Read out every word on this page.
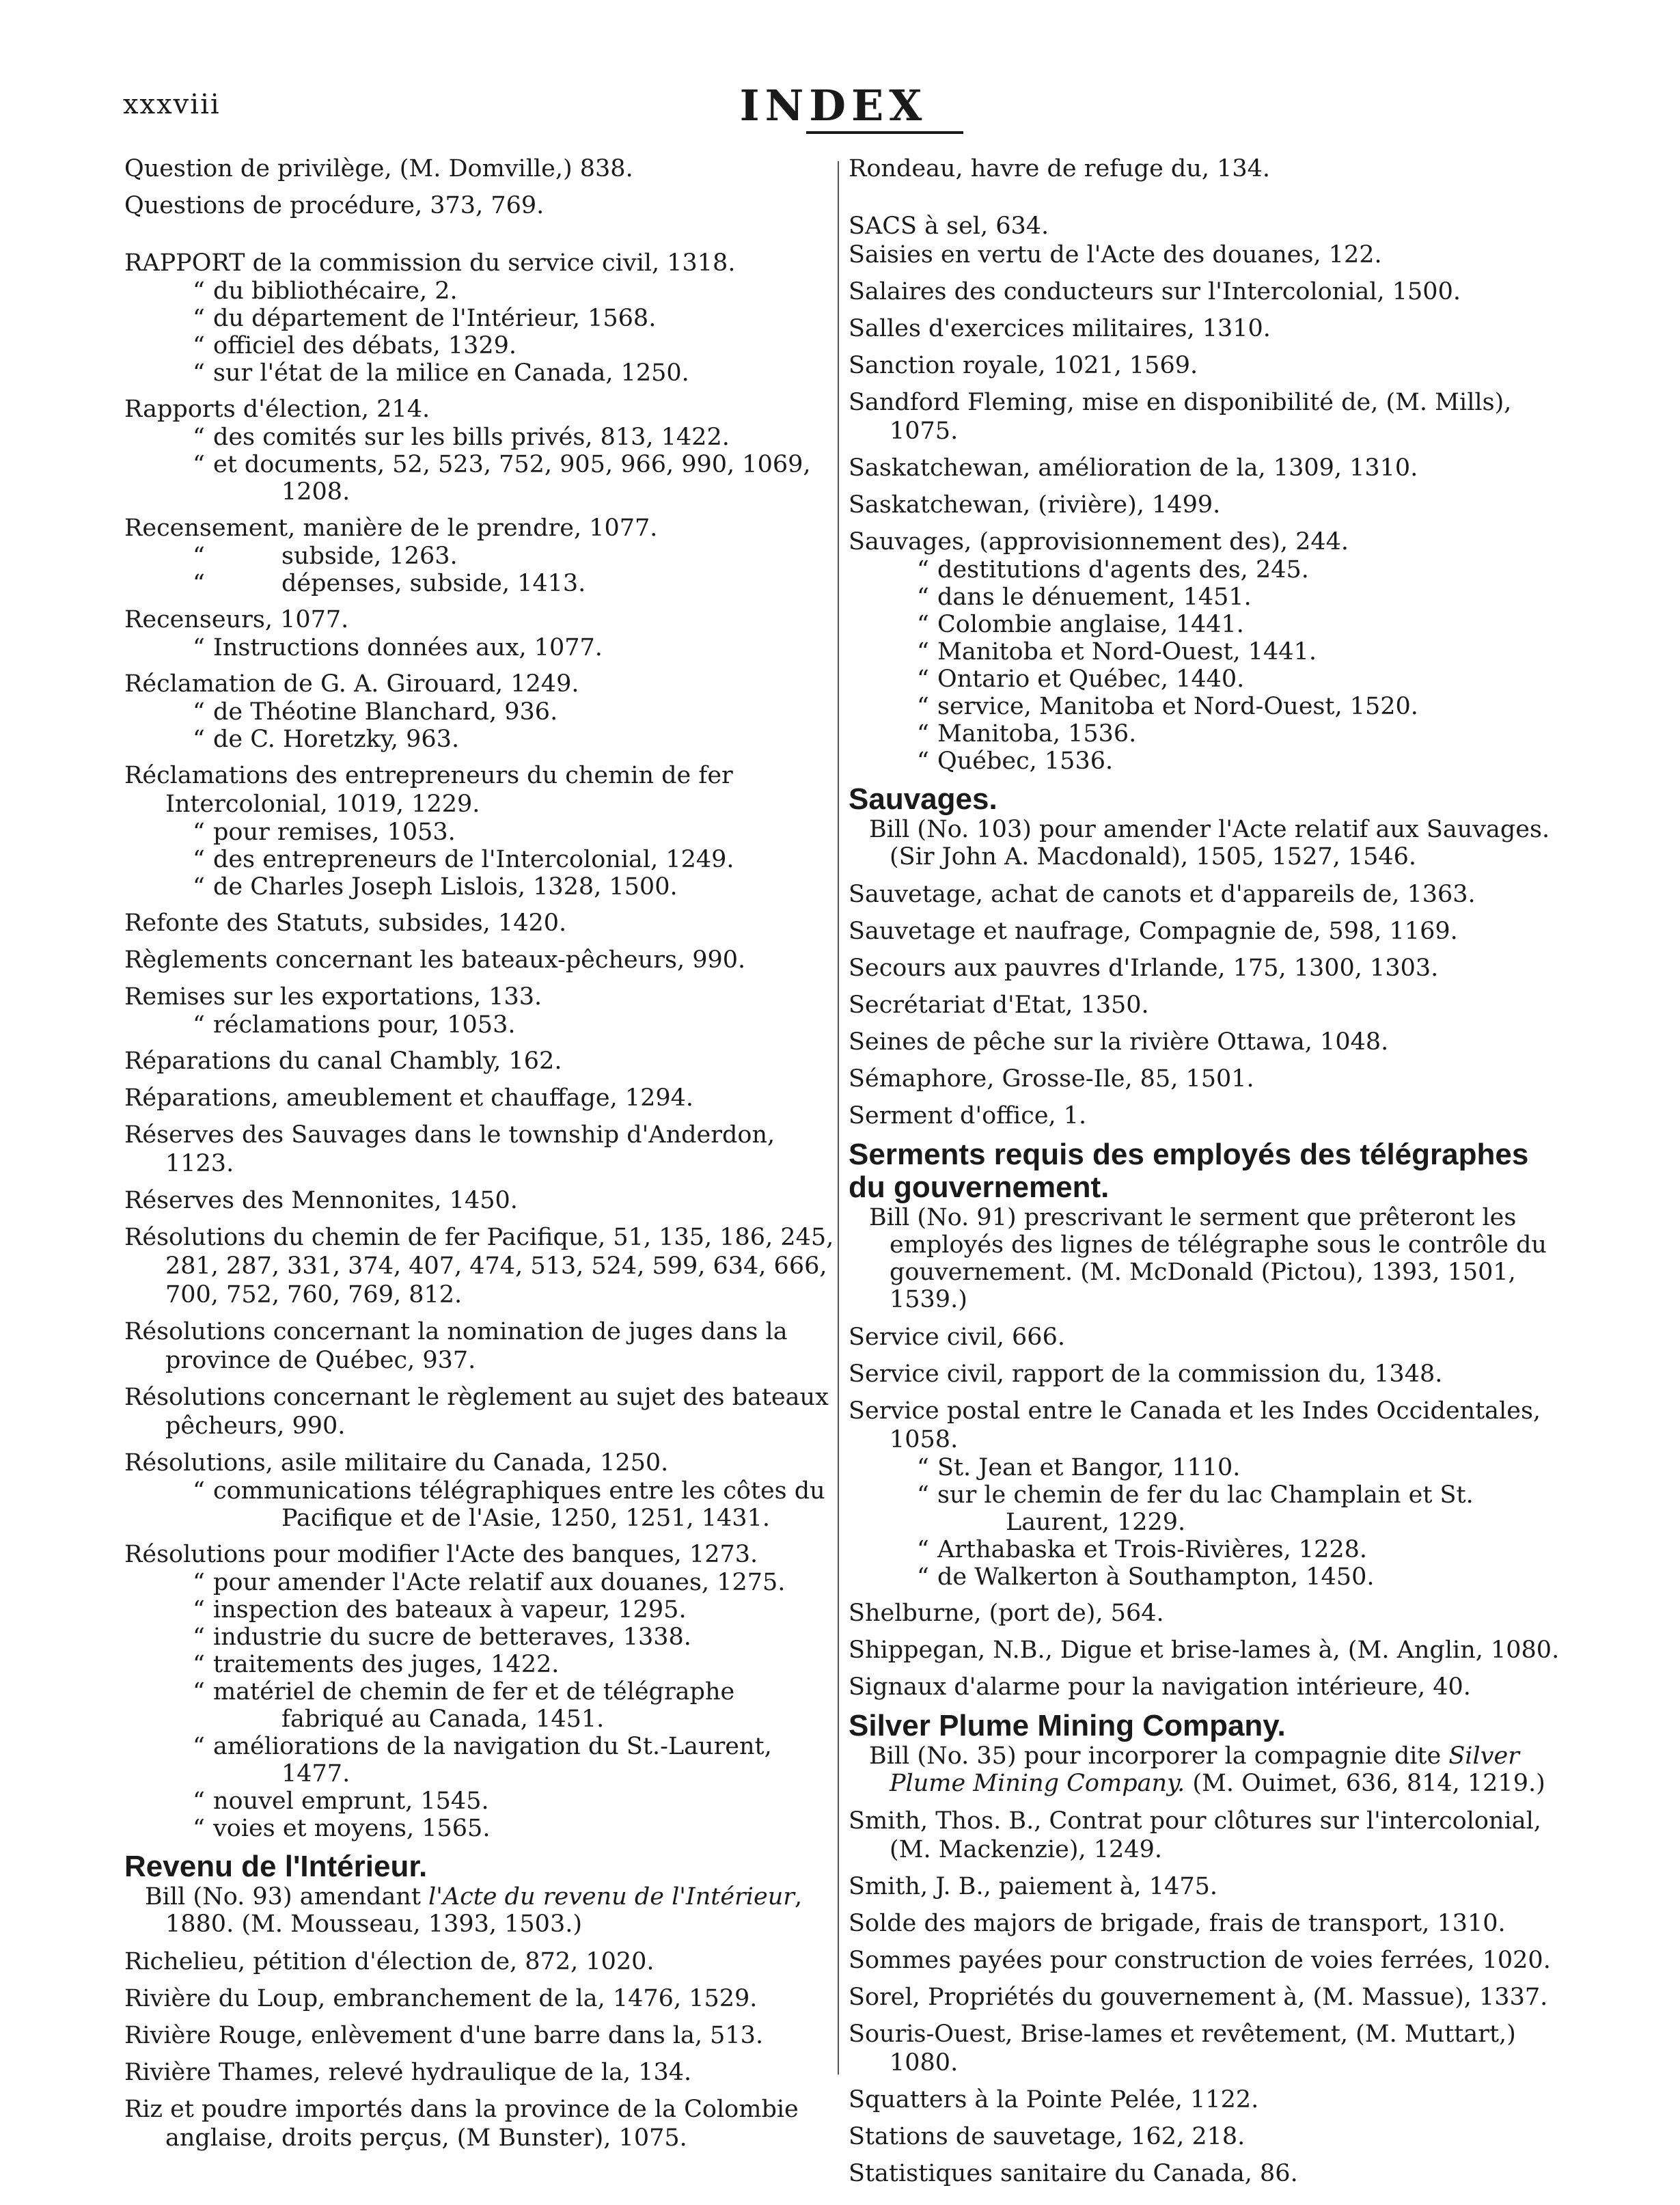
xxxviii	INDEX
Question de privilège, (M. Domville,) 838.
Questions de procédure, 373, 769.
RAPPORT de la commission du service civil, 1318.
“ du bibliothécaire, 2.
“ du département de l'Intérieur, 1568.
“ officiel des débats, 1329.
“ sur l'état de la milice en Canada, 1250.
Rapports d'élection, 214.
“ des comités sur les bills privés, 813, 1422.
“ et documents, 52, 523, 752, 905, 966, 990, 1069, 1208.
Recensement, manière de le prendre, 1077.
“	subside, 1263.
“	dépenses, subside, 1413.
Recenseurs, 1077.
“ Instructions données aux, 1077.
Réclamation de G. A. Girouard, 1249.
“ de Théotine Blanchard, 936.
“ de C. Horetzky, 963.
Réclamations des entrepreneurs du chemin de fer Intercolonial, 1019, 1229.
“ pour remises, 1053.
“ des entrepreneurs de l'Intercolonial, 1249.
“ de Charles Joseph Lislois, 1328, 1500.
Refonte des Statuts, subsides, 1420.
Règlements concernant les bateaux-pêcheurs, 990.
Remises sur les exportations, 133.
“ réclamations pour, 1053.
Réparations du canal Chambly, 162.
Réparations, ameublement et chauffage, 1294.
Réserves des Sauvages dans le township d'Anderdon, 1123.
Réserves des Mennonites, 1450.
Résolutions du chemin de fer Pacifique, 51, 135, 186, 245, 281, 287, 331, 374, 407, 474, 513, 524, 599, 634, 666, 700, 752, 760, 769, 812.
Résolutions concernant la nomination de juges dans la province de Québec, 937.
Résolutions concernant le règlement au sujet des bateaux pêcheurs, 990.
Résolutions, asile militaire du Canada, 1250.
“ communications télégraphiques entre les côtes du Pacifique et de l'Asie, 1250, 1251, 1431.
Résolutions pour modifier l'Acte des banques, 1273.
“ pour amender l'Acte relatif aux douanes, 1275.
“ inspection des bateaux à vapeur, 1295.
“ industrie du sucre de betteraves, 1338.
“ traitements des juges, 1422.
“ matériel de chemin de fer et de télégraphe fabriqué au Canada, 1451.
“ améliorations de la navigation du St.-Laurent, 1477.
“ nouvel emprunt, 1545.
“ voies et moyens, 1565.
Revenu de l'Intérieur.
Bill (No. 93) amendant l'Acte du revenu de l'Intérieur, 1880. (M. Mousseau, 1393, 1503.)
Richelieu, pétition d'élection de, 872, 1020.
Rivière du Loup, embranchement de la, 1476, 1529.
Rivière Rouge, enlèvement d'une barre dans la, 513.
Rivière Thames, relevé hydraulique de la, 134.
Riz et poudre importés dans la province de la Colombie anglaise, droits perçus, (M Bunster), 1075.
Rondeau, havre de refuge du, 134.
SACS à sel, 634.
Saisies en vertu de l'Acte des douanes, 122.
Salaires des conducteurs sur l'Intercolonial, 1500.
Salles d'exercices militaires, 1310.
Sanction royale, 1021, 1569.
Sandford Fleming, mise en disponibilité de, (M. Mills), 1075.
Saskatchewan, amélioration de la, 1309, 1310.
Saskatchewan, (rivière), 1499.
Sauvages, (approvisionnement des), 244.
“ destitutions d'agents des, 245.
“ dans le dénuement, 1451.
“ Colombie anglaise, 1441.
“ Manitoba et Nord-Ouest, 1441.
“ Ontario et Québec, 1440.
“ service, Manitoba et Nord-Ouest, 1520.
“ Manitoba, 1536.
“ Québec, 1536.
Sauvages.
Bill (No. 103) pour amender l'Acte relatif aux Sauvages. (Sir John A. Macdonald), 1505, 1527, 1546.
Sauvetage, achat de canots et d'appareils de, 1363.
Sauvetage et naufrage, Compagnie de, 598, 1169.
Secours aux pauvres d'Irlande, 175, 1300, 1303.
Secrétariat d'Etat, 1350.
Seines de pêche sur la rivière Ottawa, 1048.
Sémaphore, Grosse-Ile, 85, 1501.
Serment d'office, 1.
Serments requis des employés des télégraphes du gouvernement.
Bill (No. 91) prescrivant le serment que prêteront les employés des lignes de télégraphe sous le contrôle du gouvernement. (M. McDonald (Pictou), 1393, 1501, 1539.)
Service civil, 666.
Service civil, rapport de la commission du, 1348.
Service postal entre le Canada et les Indes Occidentales, 1058.
“ St. Jean et Bangor, 1110.
“ sur le chemin de fer du lac Champlain et St. Laurent, 1229.
“ Arthabaska et Trois-Rivières, 1228.
“ de Walkerton à Southampton, 1450.
Shelburne, (port de), 564.
Shippegan, N.B., Digue et brise-lames à, (M. Anglin, 1080.
Signaux d'alarme pour la navigation intérieure, 40.
Silver Plume Mining Company.
Bill (No. 35) pour incorporer la compagnie dite Silver Plume Mining Company. (M. Ouimet, 636, 814, 1219.)
Smith, Thos. B., Contrat pour clôtures sur l'intercolonial, (M. Mackenzie), 1249.
Smith, J. B., paiement à, 1475.
Solde des majors de brigade, frais de transport, 1310.
Sommes payées pour construction de voies ferrées, 1020.
Sorel, Propriétés du gouvernement à, (M. Massue), 1337.
Souris-Ouest, Brise-lames et revêtement, (M. Muttart,) 1080.
Squatters à la Pointe Pelée, 1122.
Stations de sauvetage, 162, 218.
Statistiques sanitaire du Canada, 86.
